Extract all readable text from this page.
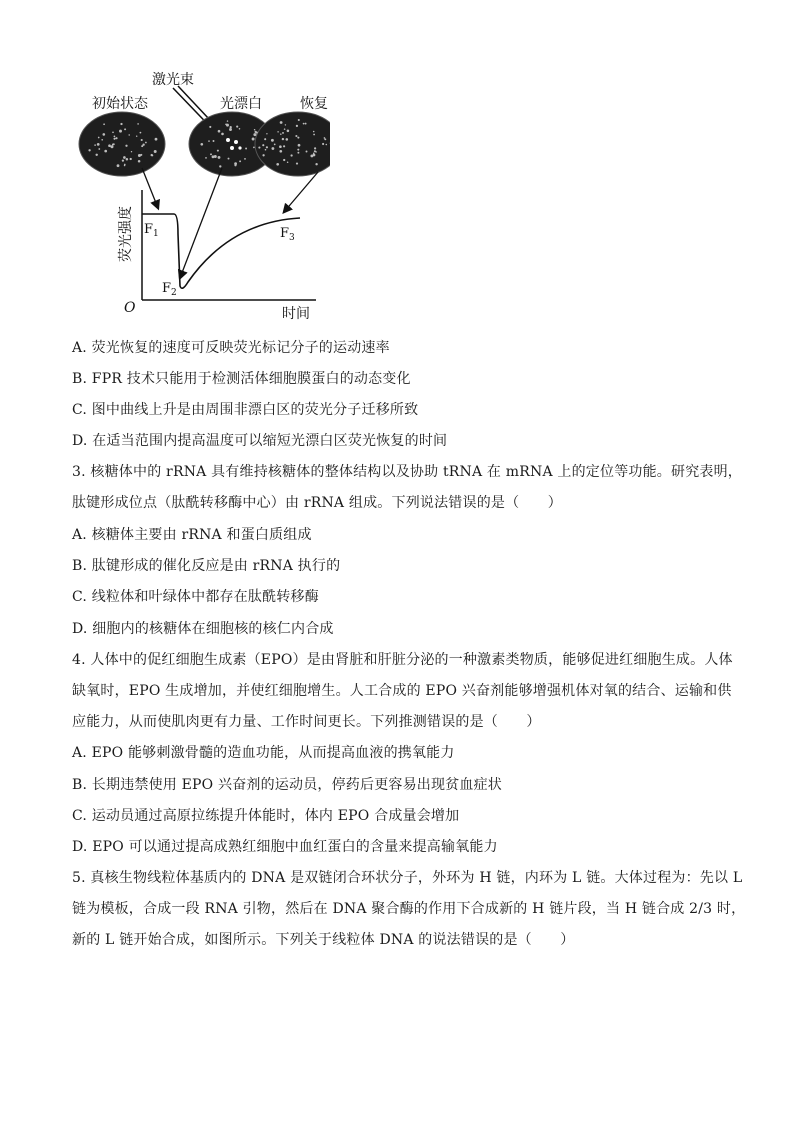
初始状态
激光束
光漂白	恢复
荧光强度
时间
O
F 1
F 2
F 3
A. 荧光恢复的速度可反映荧光标记分子的运动速率
B. FPR 技术只能用于检测活体细胞膜蛋白的动态变化
C. 图中曲线上升是由周围非漂白区的荧光分子迁移所致
D. 在适当范围内提高温度可以缩短光漂白区荧光恢复的时间
3. 核糖体中的 rRNA 具有维持核糖体的整体结构以及协助 tRNA 在 mRNA 上的定位等功能。研究表明，
肽键形成位点（肽酰转移酶中心）由 rRNA 组成。下列说法错误的是（　　）
A. 核糖体主要由 rRNA 和蛋白质组成
B. 肽键形成的催化反应是由 rRNA 执行的
C. 线粒体和叶绿体中都存在肽酰转移酶
D. 细胞内的核糖体在细胞核的核仁内合成
4. 人体中的促红细胞生成素（EPO）是由肾脏和肝脏分泌的一种激素类物质，能够促进红细胞生成。人体
缺氧时，EPO 生成增加，并使红细胞增生。人工合成的 EPO 兴奋剂能够增强机体对氧的结合、运输和供
应能力，从而使肌肉更有力量、工作时间更长。下列推测错误的是（　　）
A. EPO 能够刺激骨髓的造血功能，从而提高血液的携氧能力
B. 长期违禁使用 EPO 兴奋剂的运动员，停药后更容易出现贫血症状
C. 运动员通过高原拉练提升体能时，体内 EPO 合成量会增加
D. EPO 可以通过提高成熟红细胞中血红蛋白的含量来提高输氧能力
5. 真核生物线粒体基质内的 DNA 是双链闭合环状分子，外环为 H 链，内环为 L 链。大体过程为：先以 L
链为模板，合成一段 RNA 引物，然后在 DNA 聚合酶的作用下合成新的 H 链片段，当 H 链合成 2/3 时，
新的 L 链开始合成，如图所示。下列关于线粒体 DNA 的说法错误的是（　　）
